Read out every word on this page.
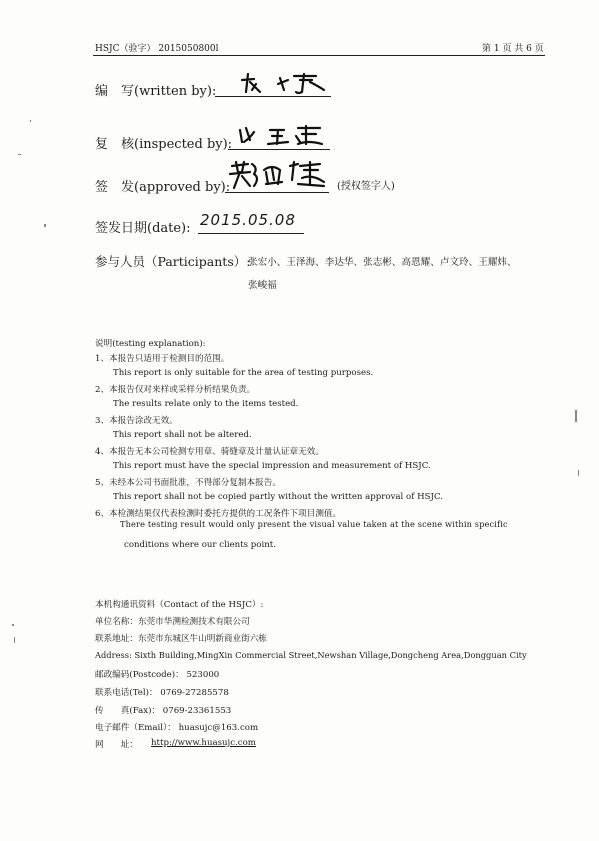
HSJC（验字） 2015050800l	第 1 页 共 6 页
编　写(written by):
复　核(inspected by):
签　发(approved by):	(授权签字人)
签发日期(date): 2015.05.08
参与人员（Participants）:
张宏小、王泽海、李达华、张志彬、高恩耀、卢文玲、王耀炜、
张峻福
说明(testing explanation):
1、本报告只适用于检测目的范围。
This report is only suitable for the area of testing purposes.
2、本报告仅对来样或采样分析结果负责。
The results relate only to the items tested.
3、本报告涂改无效。
This report shall not be altered.
4、本报告无本公司检测专用章、骑缝章及计量认证章无效。
This report must have the special impression and measurement of HSJC.
5、未经本公司书面批准，不得部分复制本报告。
This report shall not be copied partly without the written approval of HSJC.
6、本检测结果仅代表检测时委托方提供的工况条件下项目测值。
There testing result would only present the visual value taken at the scene within specific
conditions where our clients point.
本机构通讯资料（Contact of the HSJC）:
单位名称：东莞市华溯检测技术有限公司
联系地址：东莞市东城区牛山明新商业街六栋
Address: Sixth Building,MingXin Commercial Street,Newshan Village,Dongcheng Area,Dongguan City
邮政编码(Postcode)： 523000
联系电话(Tel)： 0769-27285578
传　　真(Fax)： 0769-23361553
电子邮件（Email）： huasujc@163.com
网　　址： http://www.huasujc.com
